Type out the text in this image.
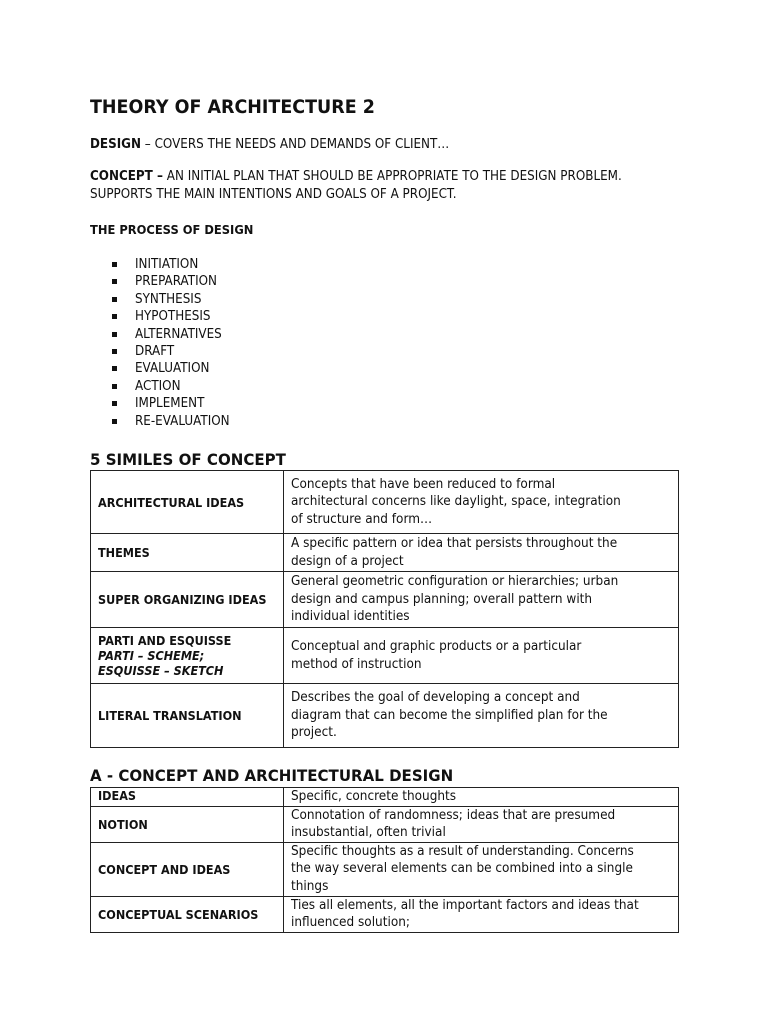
THEORY OF ARCHITECTURE 2
DESIGN – COVERS THE NEEDS AND DEMANDS OF CLIENT…
CONCEPT – AN INITIAL PLAN THAT SHOULD BE APPROPRIATE TO THE DESIGN PROBLEM.
SUPPORTS THE MAIN INTENTIONS AND GOALS OF A PROJECT.
THE PROCESS OF DESIGN
INITIATION
PREPARATION
SYNTHESIS
HYPOTHESIS
ALTERNATIVES
DRAFT
EVALUATION
ACTION
IMPLEMENT
RE-EVALUATION
5 SIMILES OF CONCEPT
ARCHITECTURAL IDEAS	Concepts that have been reduced to formal
architectural concerns like daylight, space, integration
of structure and form…

THEMES	A specific pattern or idea that persists throughout the
design of a project

SUPER ORGANIZING IDEAS	General geometric configuration or hierarchies; urban
design and campus planning; overall pattern with
individual identities

PARTI AND ESQUISSE
PARTI – SCHEME;
ESQUISSE – SKETCH	Conceptual and graphic products or a particular
method of instruction

LITERAL TRANSLATION	Describes the goal of developing a concept and
diagram that can become the simplified plan for the
project.
A - CONCEPT AND ARCHITECTURAL DESIGN
IDEAS	Specific, concrete thoughts

NOTION	Connotation of randomness; ideas that are presumed
insubstantial, often trivial

CONCEPT AND IDEAS	Specific thoughts as a result of understanding. Concerns
the way several elements can be combined into a single
things

CONCEPTUAL SCENARIOS	Ties all elements, all the important factors and ideas that
influenced solution;
